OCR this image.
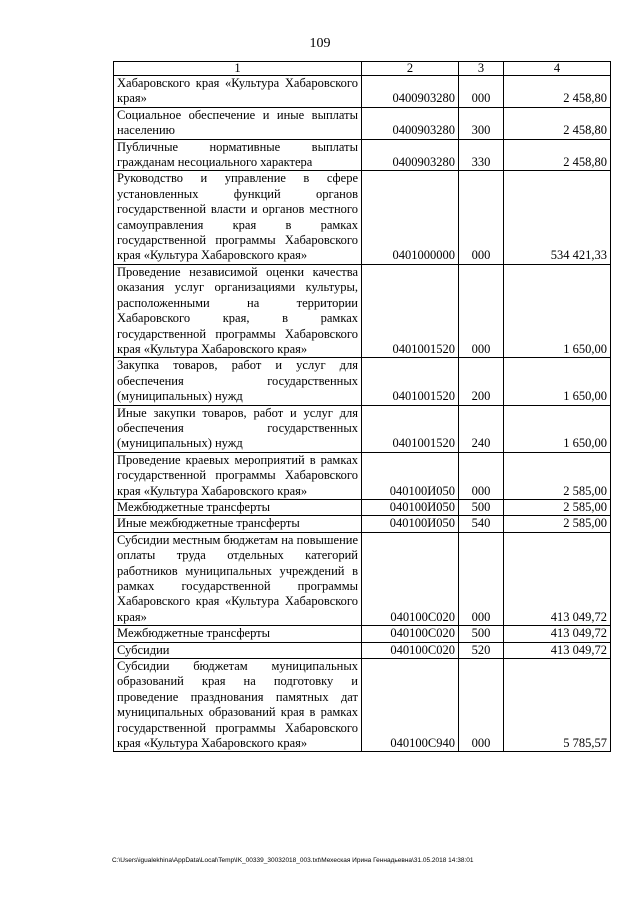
109
1	2	3	4
Хабаровского края «Культура Хабаровского края»	0400903280	000	2 458,80
Социальное обеспечение и иные выплаты населению	0400903280	300	2 458,80
Публичные нормативные выплаты гражданам несоциального характера	0400903280	330	2 458,80
Руководство и управление в сфере установленных функций органов государственной власти и органов местного самоуправления края в рамках государственной программы Хабаровского края «Культура Хабаровского края»	0401000000	000	534 421,33
Проведение независимой оценки качества оказания услуг организациями культуры, расположенными на территории Хабаровского края, в рамках государственной программы Хабаровского края «Культура Хабаровского края»	0401001520	000	1 650,00
Закупка товаров, работ и услуг для обеспечения государственных (муниципальных) нужд	0401001520	200	1 650,00
Иные закупки товаров, работ и услуг для обеспечения государственных (муниципальных) нужд	0401001520	240	1 650,00
Проведение краевых мероприятий в рамках государственной программы Хабаровского края «Культура Хабаровского края»	040100И050	000	2 585,00
Межбюджетные трансферты	040100И050	500	2 585,00
Иные межбюджетные трансферты	040100И050	540	2 585,00
Субсидии местным бюджетам на повышение оплаты труда отдельных категорий работников муниципальных учреждений в рамках государственной программы Хабаровского края «Культура Хабаровского края»	040100С020	000	413 049,72
Межбюджетные трансферты	040100С020	500	413 049,72
Субсидии	040100С020	520	413 049,72
Субсидии бюджетам муниципальных образований края на подготовку и проведение празднования памятных дат муниципальных образований края в рамках государственной программы Хабаровского края «Культура Хабаровского края»	040100С940	000	5 785,57
C:\Users\igualekhina\AppData\Local\Temp\IK_00339_30032018_003.txt\Мехеская Ирина Геннадьевна\31.05.2018 14:38:01
